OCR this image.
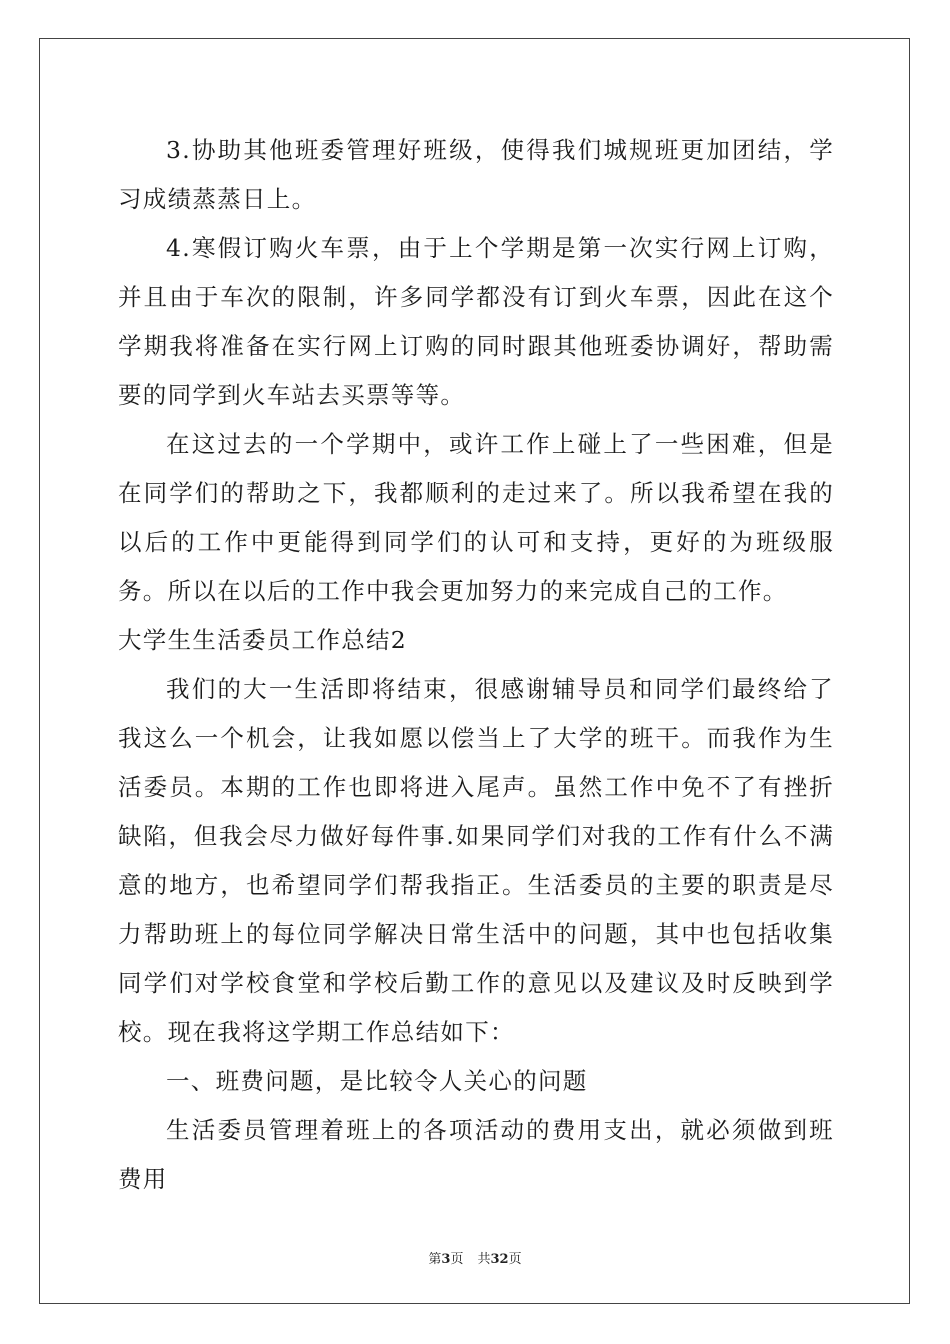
3.协助其他班委管理好班级，使得我们城规班更加团结，学习成绩蒸蒸日上。

4.寒假订购火车票，由于上个学期是第一次实行网上订购，并且由于车次的限制，许多同学都没有订到火车票，因此在这个学期我将准备在实行网上订购的同时跟其他班委协调好，帮助需要的同学到火车站去买票等等。

在这过去的一个学期中，或许工作上碰上了一些困难，但是在同学们的帮助之下，我都顺利的走过来了。所以我希望在我的以后的工作中更能得到同学们的认可和支持，更好的为班级服务。所以在以后的工作中我会更加努力的来完成自己的工作。

大学生生活委员工作总结2

我们的大一生活即将结束，很感谢辅导员和同学们最终给了我这么一个机会，让我如愿以偿当上了大学的班干。而我作为生活委员。本期的工作也即将进入尾声。虽然工作中免不了有挫折缺陷，但我会尽力做好每件事.如果同学们对我的工作有什么不满意的地方，也希望同学们帮我指正。生活委员的主要的职责是尽力帮助班上的每位同学解决日常生活中的问题，其中也包括收集同学们对学校食堂和学校后勤工作的意见以及建议及时反映到学校。现在我将这学期工作总结如下：

一、班费问题，是比较令人关心的问题

生活委员管理着班上的各项活动的费用支出，就必须做到班费用

第3页 共32页
